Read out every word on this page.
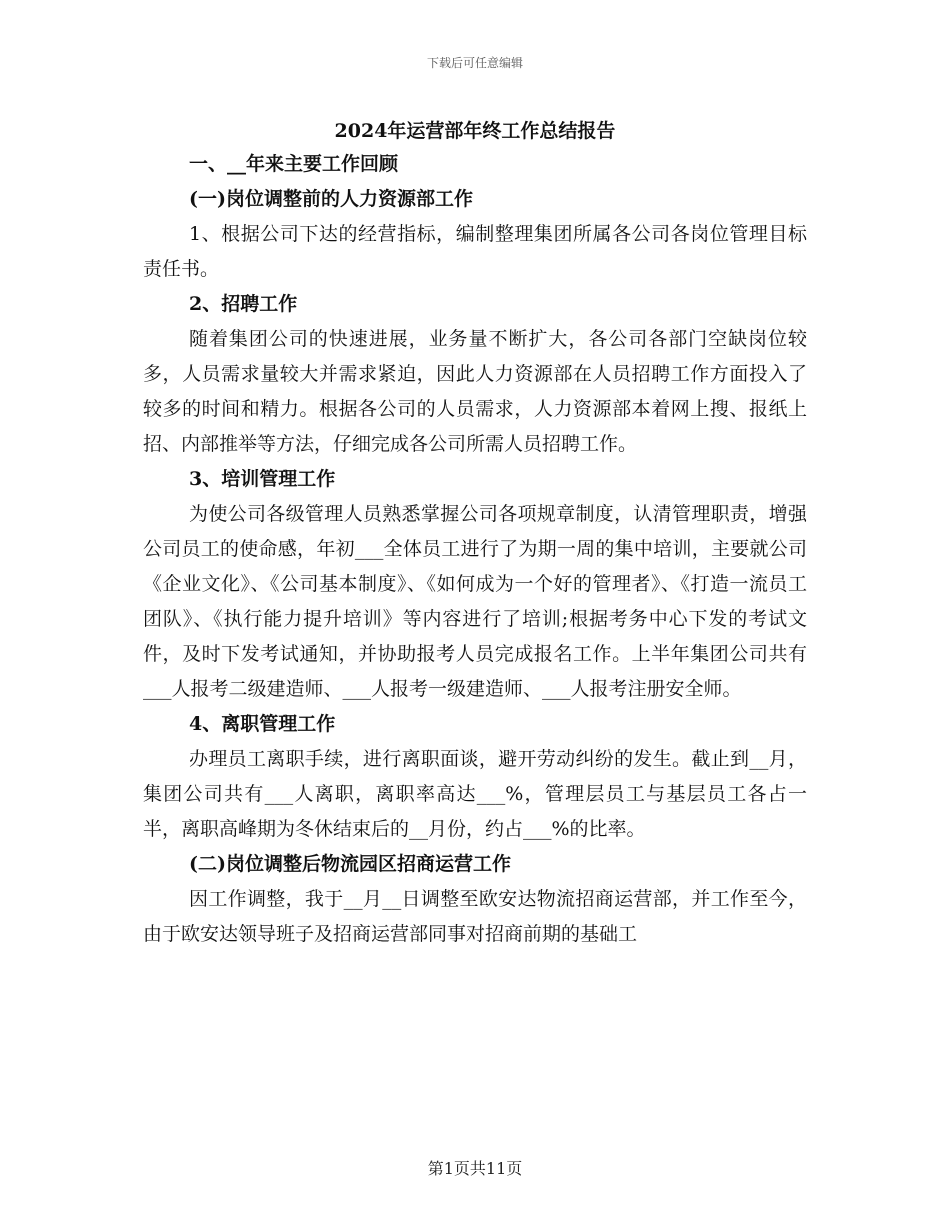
下载后可任意编辑
2024年运营部年终工作总结报告

一、__年来主要工作回顾

(一)岗位调整前的人力资源部工作

1、根据公司下达的经营指标，编制整理集团所属各公司各岗位管理目标责任书。

2、招聘工作

随着集团公司的快速进展，业务量不断扩大，各公司各部门空缺岗位较多，人员需求量较大并需求紧迫，因此人力资源部在人员招聘工作方面投入了较多的时间和精力。根据各公司的人员需求，人力资源部本着网上搜、报纸上招、内部推举等方法，仔细完成各公司所需人员招聘工作。

3、培训管理工作

为使公司各级管理人员熟悉掌握公司各项规章制度，认清管理职责，增强公司员工的使命感，年初___全体员工进行了为期一周的集中培训，主要就公司《企业文化》、《公司基本制度》、《如何成为一个好的管理者》、《打造一流员工团队》、《执行能力提升培训》等内容进行了培训;根据考务中心下发的考试文件，及时下发考试通知，并协助报考人员完成报名工作。上半年集团公司共有___人报考二级建造师、___人报考一级建造师、___人报考注册安全师。

4、离职管理工作

办理员工离职手续，进行离职面谈，避开劳动纠纷的发生。截止到__月，集团公司共有___人离职，离职率高达___%，管理层员工与基层员工各占一半，离职高峰期为冬休结束后的__月份，约占___%的比率。

(二)岗位调整后物流园区招商运营工作

因工作调整，我于__月__日调整至欧安达物流招商运营部，并工作至今，由于欧安达领导班子及招商运营部同事对招商前期的基础工

第1页共11页
